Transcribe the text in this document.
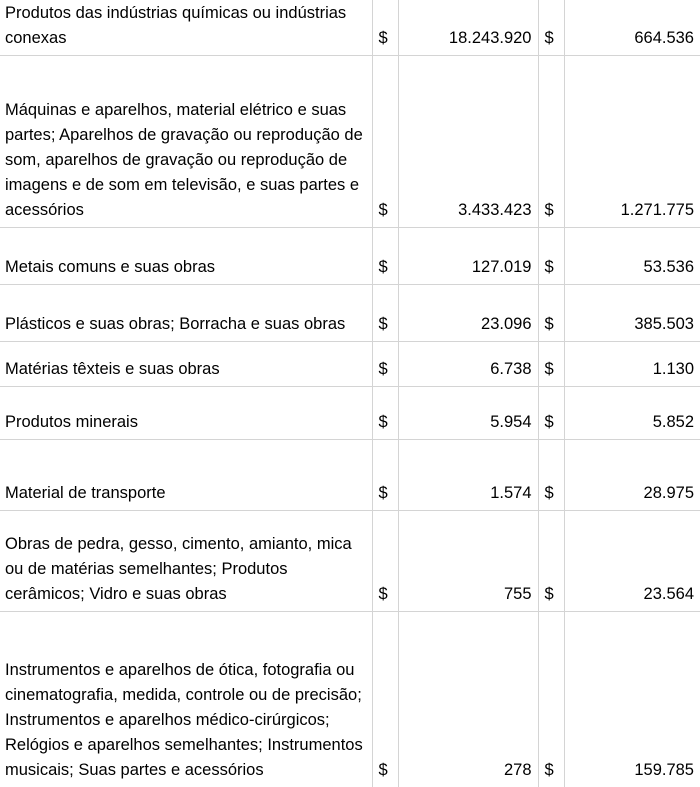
Produtos das indústrias químicas ou indústrias conexas	$	18.243.920	$	664.536
Máquinas e aparelhos, material elétrico e suas partes; Aparelhos de gravação ou reprodução de som, aparelhos de gravação ou reprodução de imagens e de som em televisão, e suas partes e acessórios	$	3.433.423	$	1.271.775
Metais comuns e suas obras	$	127.019	$	53.536
Plásticos e suas obras; Borracha e suas obras	$	23.096	$	385.503
Matérias têxteis e suas obras	$	6.738	$	1.130
Produtos minerais	$	5.954	$	5.852
Material de transporte	$	1.574	$	28.975
Obras de pedra, gesso, cimento, amianto, mica ou de matérias semelhantes; Produtos cerâmicos; Vidro e suas obras	$	755	$	23.564
Instrumentos e aparelhos de ótica, fotografia ou cinematografia, medida, controle ou de precisão; Instrumentos e aparelhos médico-cirúrgicos; Relógios e aparelhos semelhantes; Instrumentos musicais; Suas partes e acessórios	$	278	$	159.785
